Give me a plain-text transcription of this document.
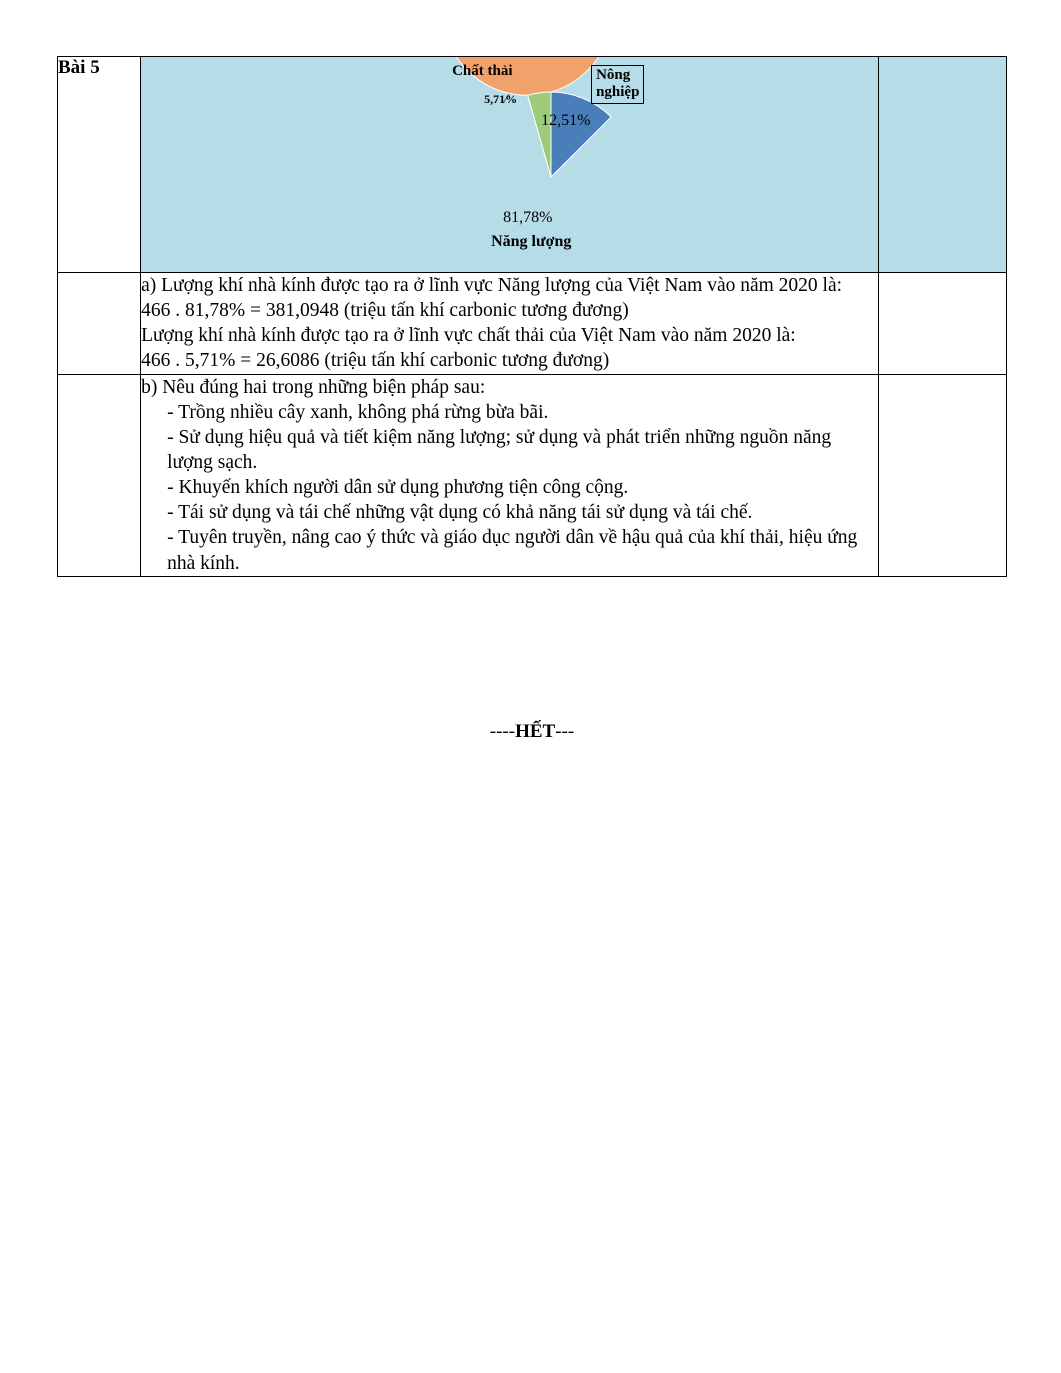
Bài 5	Chất thải
5,71%
Nông
nghiệp
12,51%
81,78%
Năng lượng

	a) Lượng khí nhà kính được tạo ra ở lĩnh vực Năng lượng của Việt Nam vào năm 2020 là:

466 . 81,78% = 381,0948 (triệu tấn khí carbonic tương đương)

Lượng khí nhà kính được tạo ra ở lĩnh vực chất thải của Việt Nam vào năm 2020 là:

466 . 5,71% = 26,6086 (triệu tấn khí carbonic tương đương)	

b) Nêu đúng hai trong những biện pháp sau:

- Trồng nhiều cây xanh, không phá rừng bừa bãi.

- Sử dụng hiệu quả và tiết kiệm năng lượng; sử dụng và phát triển những nguồn năng lượng sạch.

- Khuyến khích người dân sử dụng phương tiện công cộng.

- Tái sử dụng và tái chế những vật dụng có khả năng tái sử dụng và tái chế.

- Tuyên truyền, nâng cao ý thức và giáo dục người dân về hậu quả của khí thải, hiệu ứng nhà kính.

----HẾT---
